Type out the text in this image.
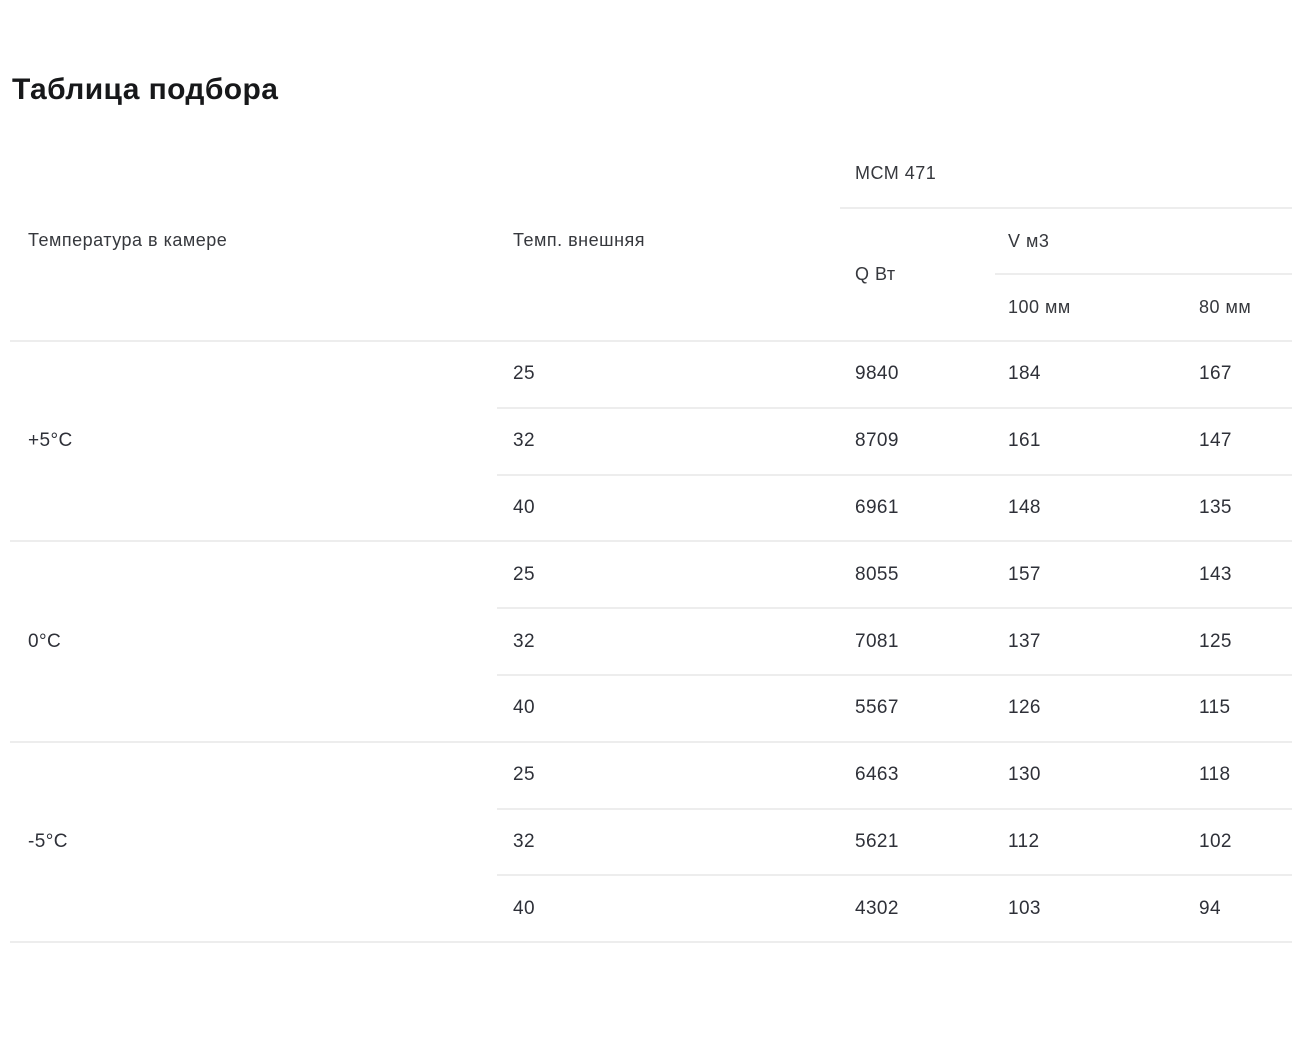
Таблица подбора
Температура в камере	Темп. внешняя	МСМ 471		
		Q Вт	V м3	
			100 мм	80 мм
+5°С	25	9840	184	167
	32	8709	161	147
	40	6961	148	135
0°С	25	8055	157	143
	32	7081	137	125
	40	5567	126	115
-5°С	25	6463	130	118
	32	5621	112	102
	40	4302	103	94
